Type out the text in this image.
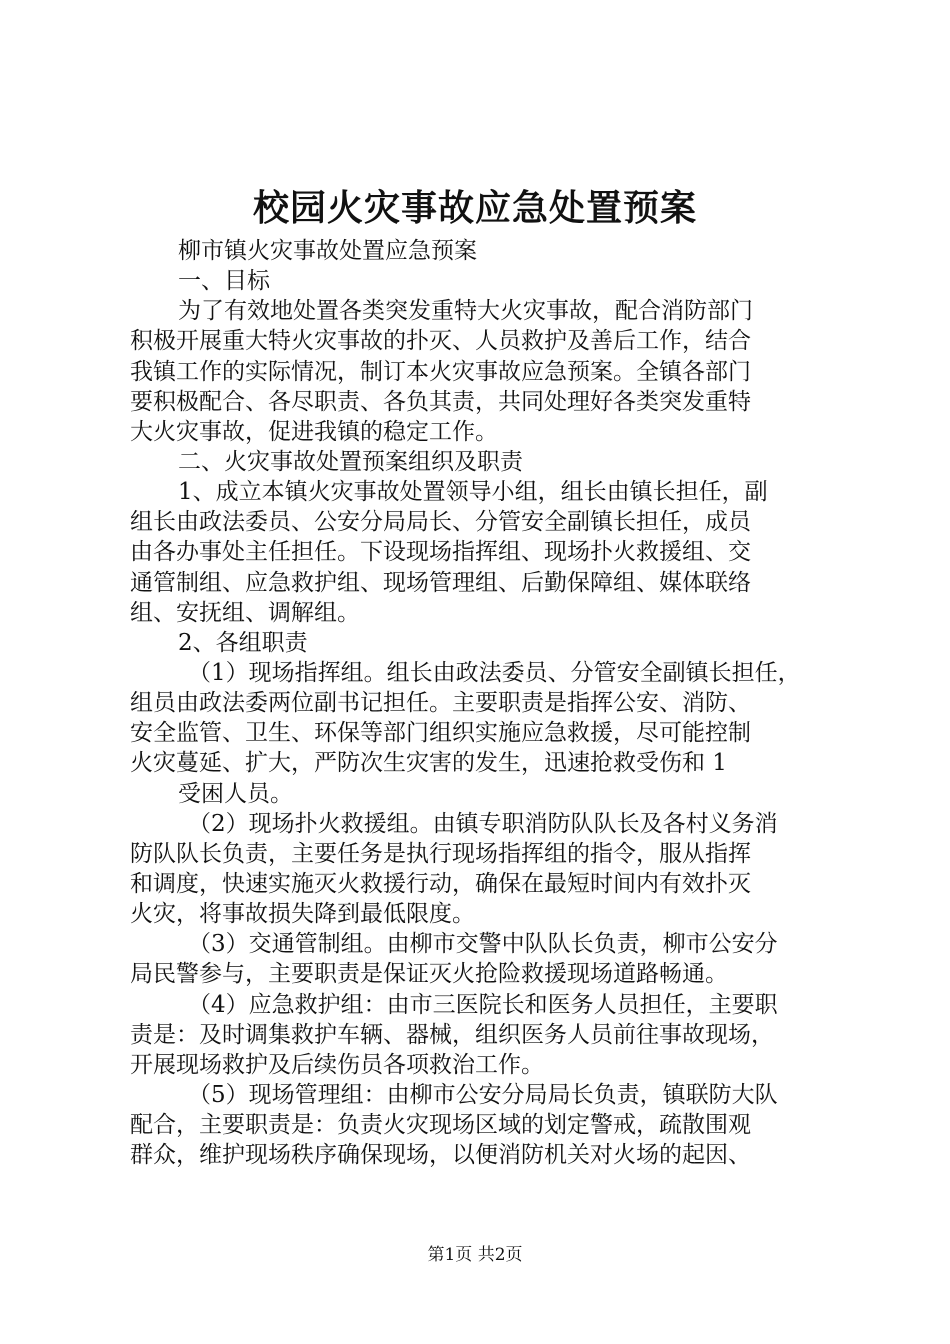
校园火灾事故应急处置预案
柳市镇火灾事故处置应急预案
一、目标
为了有效地处置各类突发重特大火灾事故，配合消防部门
积极开展重大特火灾事故的扑灭、人员救护及善后工作，结合
我镇工作的实际情况，制订本火灾事故应急预案。全镇各部门
要积极配合、各尽职责、各负其责，共同处理好各类突发重特
大火灾事故，促进我镇的稳定工作。
二、火灾事故处置预案组织及职责
1、成立本镇火灾事故处置领导小组，组长由镇长担任，副
组长由政法委员、公安分局局长、分管安全副镇长担任，成员
由各办事处主任担任。下设现场指挥组、现场扑火救援组、交
通管制组、应急救护组、现场管理组、后勤保障组、媒体联络
组、安抚组、调解组。
2、各组职责
（1）现场指挥组。组长由政法委员、分管安全副镇长担任，
组员由政法委两位副书记担任。主要职责是指挥公安、消防、
安全监管、卫生、环保等部门组织实施应急救援，尽可能控制
火灾蔓延、扩大，严防次生灾害的发生，迅速抢救受伤和 1
受困人员。
（2）现场扑火救援组。由镇专职消防队队长及各村义务消
防队队长负责，主要任务是执行现场指挥组的指令，服从指挥
和调度，快速实施灭火救援行动，确保在最短时间内有效扑灭
火灾，将事故损失降到最低限度。
（3）交通管制组。由柳市交警中队队长负责，柳市公安分
局民警参与，主要职责是保证灭火抢险救援现场道路畅通。
（4）应急救护组：由市三医院长和医务人员担任，主要职
责是：及时调集救护车辆、器械，组织医务人员前往事故现场，
开展现场救护及后续伤员各项救治工作。
（5）现场管理组：由柳市公安分局局长负责，镇联防大队
配合，主要职责是：负责火灾现场区域的划定警戒，疏散围观
群众，维护现场秩序确保现场，以便消防机关对火场的起因、
第1页 共2页
